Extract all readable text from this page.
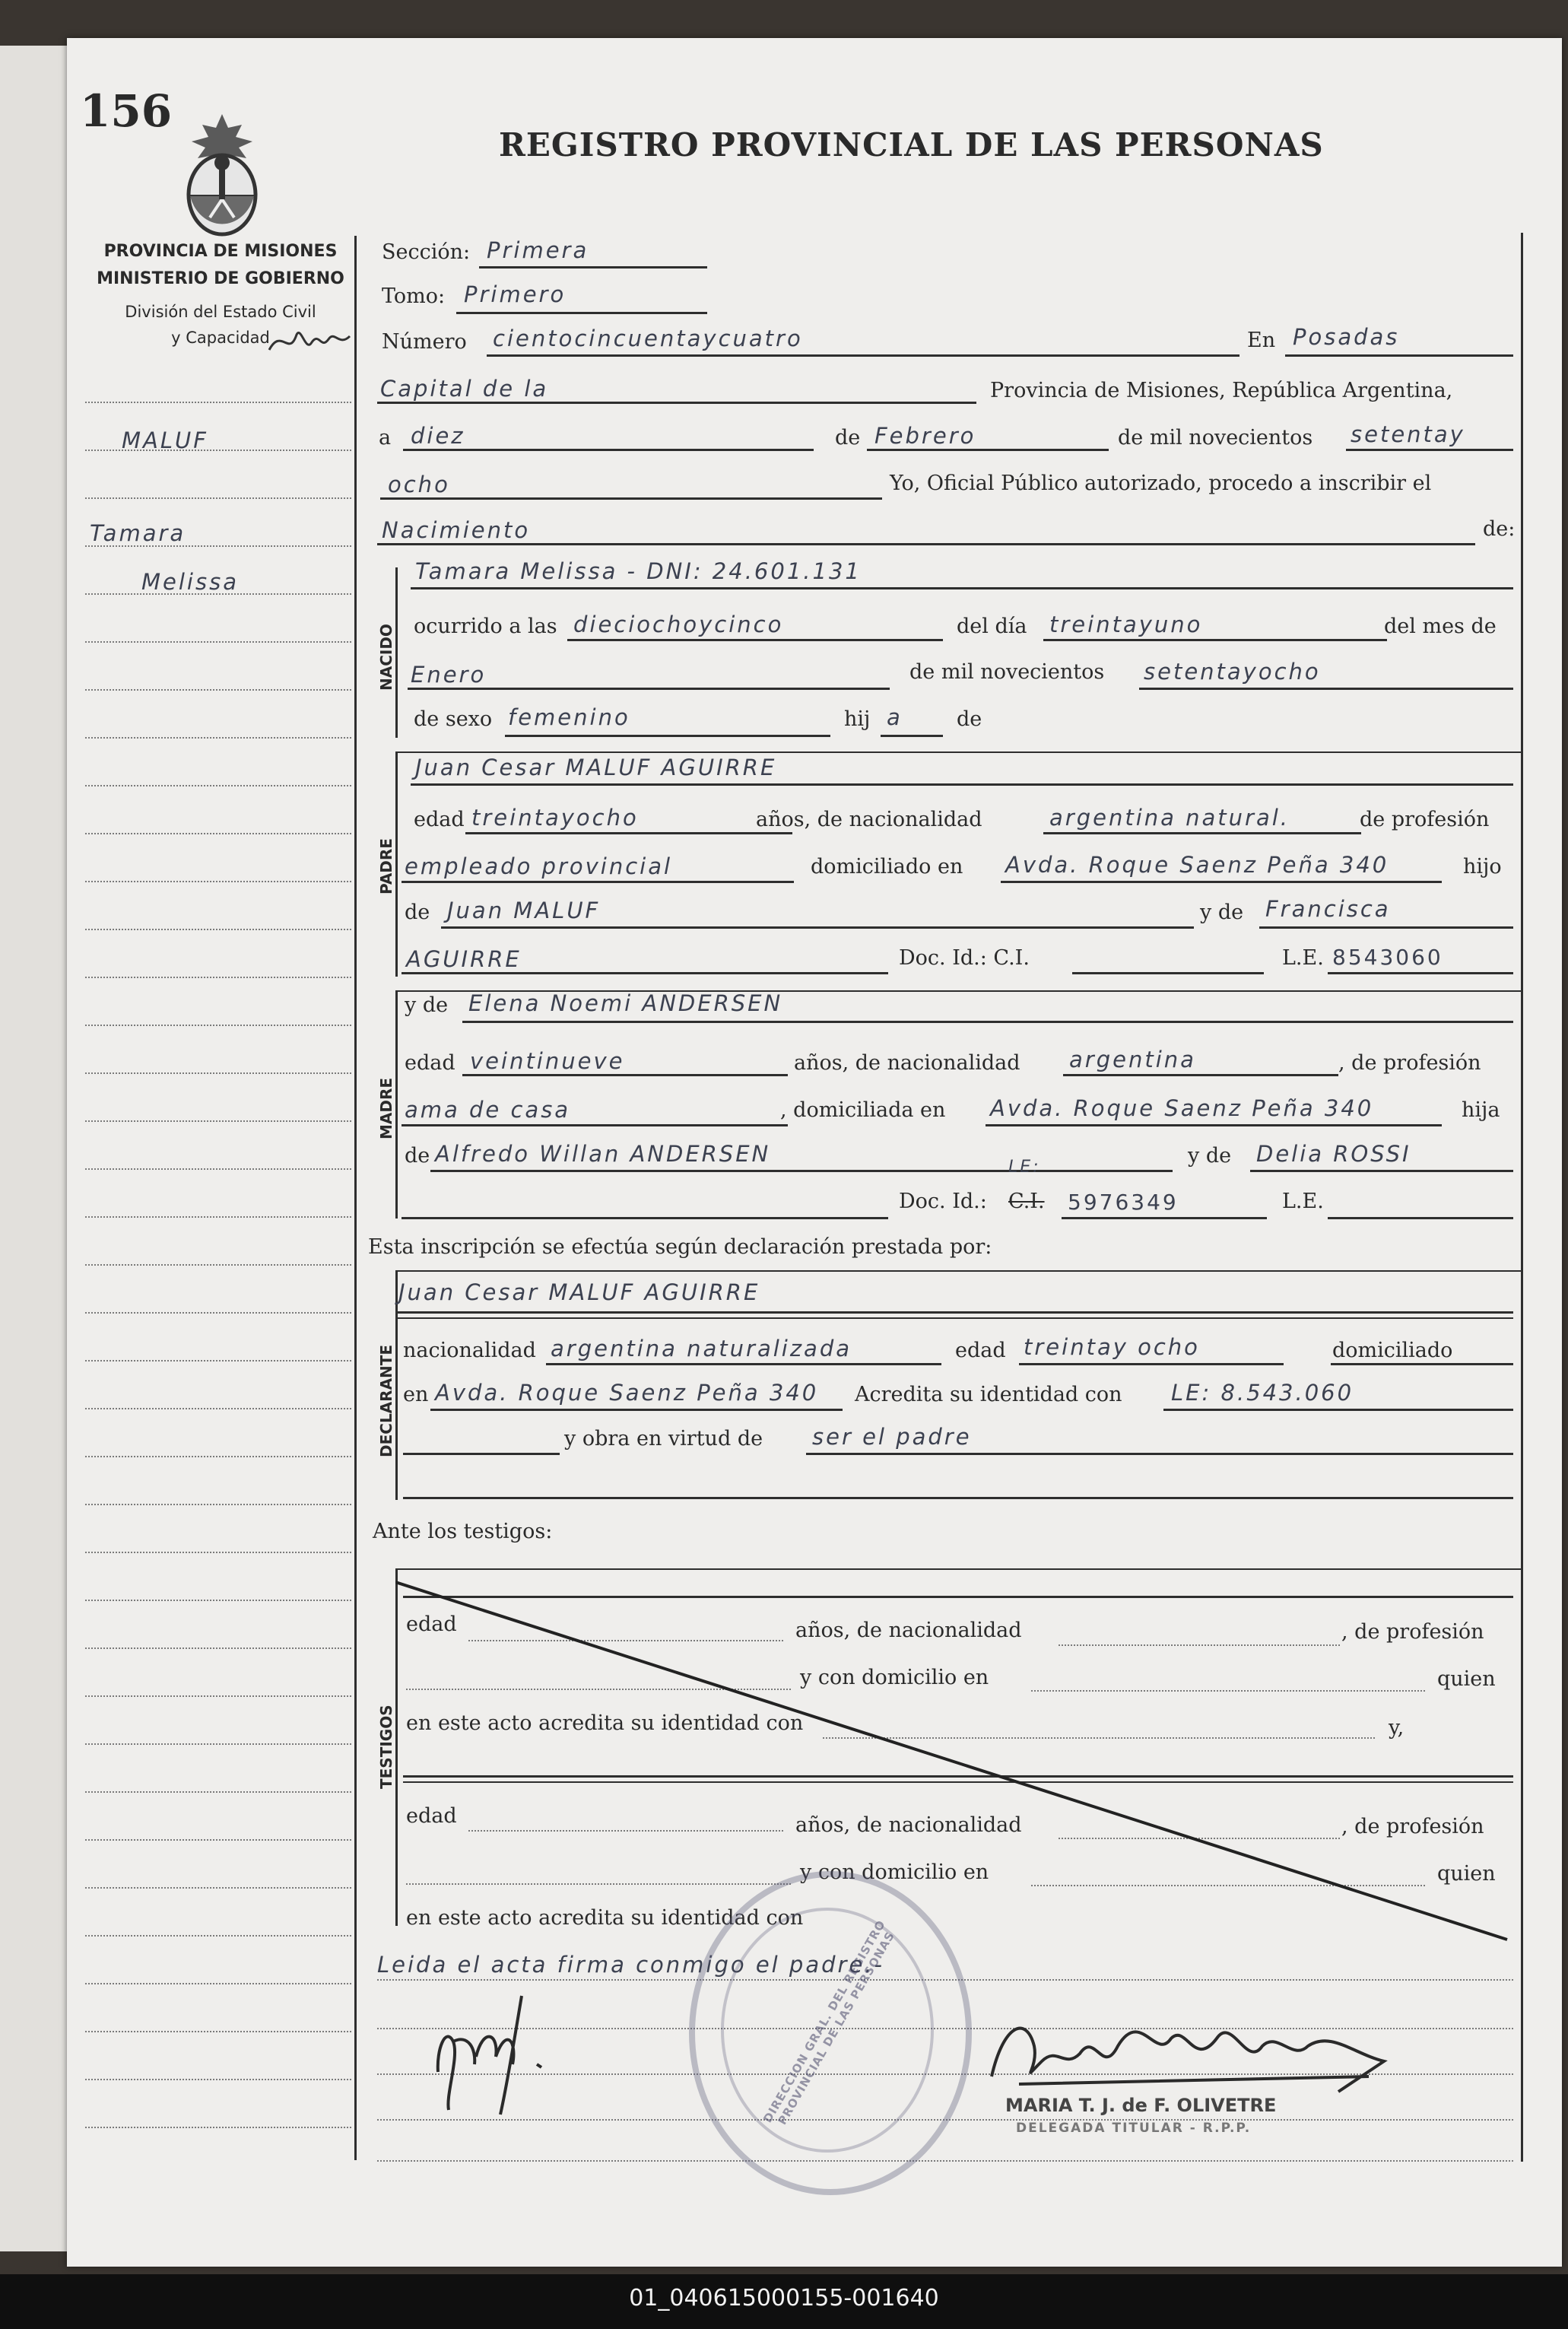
156
REGISTRO PROVINCIAL DE LAS PERSONAS
PROVINCIA DE MISIONES
MINISTERIO DE GOBIERNO
División del Estado Civil
y Capacidad
MALUF
Tamara
Melissa
Sección: Primera
Tomo: Primero
Número cientocincuentaycuatro	En Posadas
Capital de la	Provincia de Misiones, República Argentina,
a diez	de Febrero	de mil novecientos setentay
ocho	Yo, Oficial Público autorizado, procedo a inscribir el
Nacimiento	de:
NACIDO
Tamara Melissa - DNI: 24.601.131
ocurrido a las dieciochoycinco	del día treintayuno	del mes de
Enero	de mil novecientos setentayocho
de sexo femenino	hij a	de
PADRE
Juan Cesar MALUF AGUIRRE
edad treintayocho	años, de nacionalidad	argentina natural.	de profesión
empleado provincial	domiciliado en Avda. Roque Saenz Peña 340	hijo
de Juan MALUF	y de Francisca
AGUIRRE	Doc. Id.: C.I.	L.E. 8543060
MADRE
y de Elena Noemi ANDERSEN
edad veintinueve	años, de nacionalidad argentina	, de profesión
ama de casa	, domiciliada en Avda. Roque Saenz Peña 340	hija
de Alfredo Willan ANDERSEN	y de Delia ROSSI
Doc. Id.:
LE:
C.I. 5976349	L.E.
Esta inscripción se efectúa según declaración prestada por:
DECLARANTE
Juan Cesar MALUF AGUIRRE
nacionalidad argentina naturalizada	edad treintay ocho	domiciliado
en Avda. Roque Saenz Peña 340 Acredita su identidad con LE: 8.543.060
y obra en virtud de ser el padre
Ante los testigos:
TESTIGOS
edad	años, de nacionalidad	, de profesión
y con domicilio en	quien
en este acto acredita su identidad con	y,
edad	años, de nacionalidad	, de profesión
y con domicilio en	quien
en este acto acredita su identidad con
Leida el acta firma conmigo el padre.-
MARIA T. J. de F. OLIVETRE
DELEGADA TITULAR - R.P.P.
DIRECCION GRAL. DEL REGISTRO PROVINCIAL DE LAS PERSONAS
01_040615000155-001640
